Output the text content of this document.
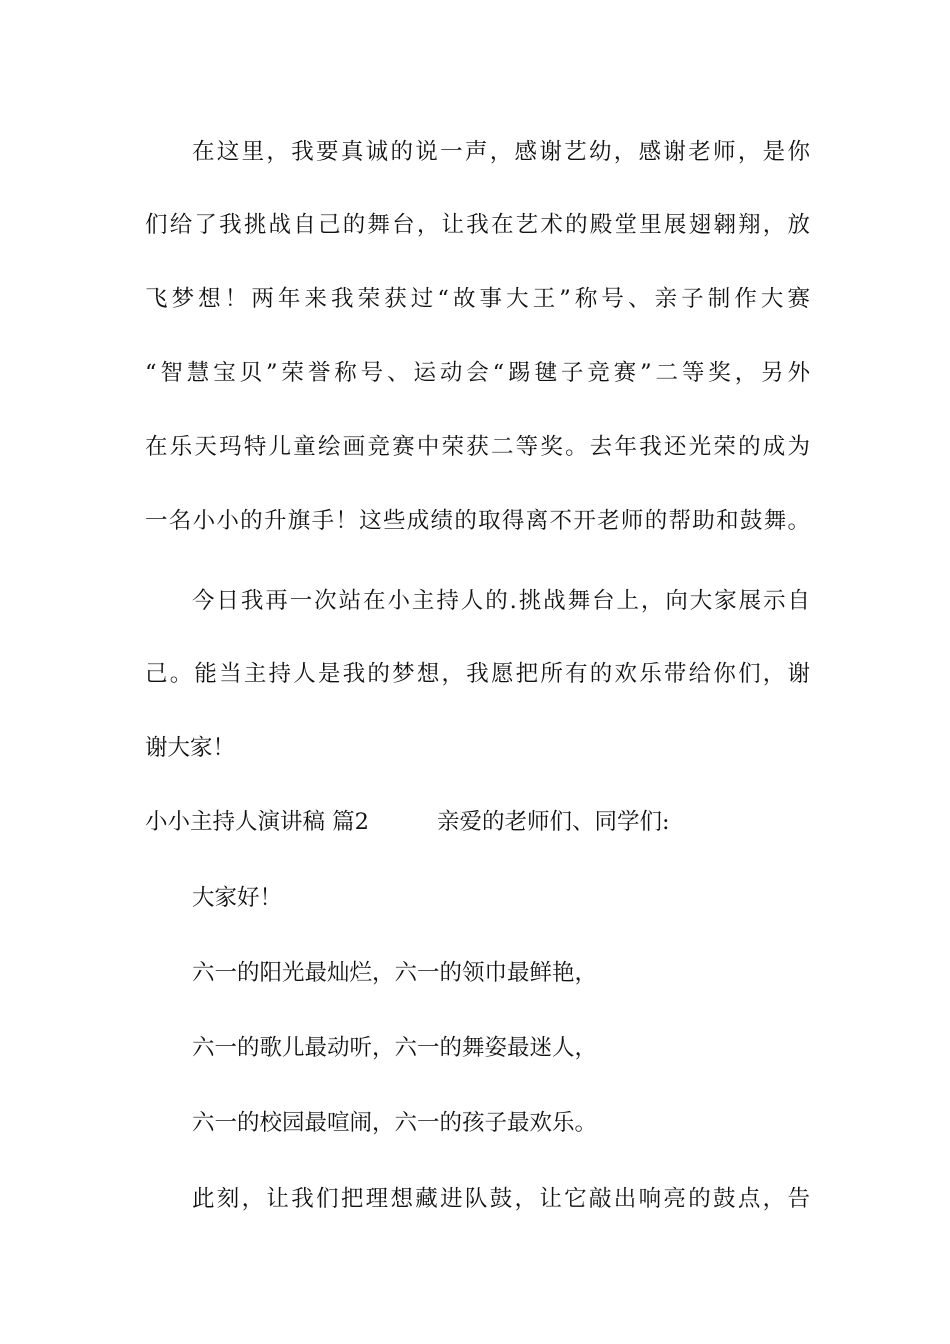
在这里，我要真诚的说一声，感谢艺幼，感谢老师，是你
们给了我挑战自己的舞台，让我在艺术的殿堂里展翅翱翔，放
飞梦想！两年来我荣获过“故事大王”称号、亲子制作大赛
“智慧宝贝”荣誉称号、运动会“踢毽子竞赛”二等奖，另外
在乐天玛特儿童绘画竞赛中荣获二等奖。去年我还光荣的成为
一名小小的升旗手！这些成绩的取得离不开老师的帮助和鼓舞。
今日我再一次站在小主持人的.挑战舞台上，向大家展示自
己。能当主持人是我的梦想，我愿把所有的欢乐带给你们，谢
谢大家！
小小主持人演讲稿 篇2	亲爱的老师们、同学们:
大家好！
六一的阳光最灿烂，六一的领巾最鲜艳，
六一的歌儿最动听，六一的舞姿最迷人，
六一的校园最喧闹，六一的孩子最欢乐。
此刻，让我们把理想藏进队鼓，让它敲出响亮的鼓点，告
